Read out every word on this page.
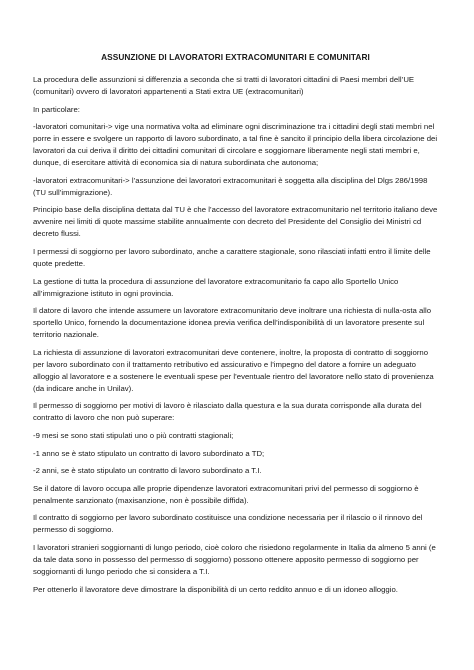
ASSUNZIONE DI LAVORATORI EXTRACOMUNITARI E COMUNITARI

La procedura delle assunzioni si differenzia a seconda che si tratti di lavoratori cittadini di Paesi membri dell’UE (comunitari) ovvero di lavoratori appartenenti a Stati extra UE (extracomunitari)

In particolare:

-lavoratori comunitari-> vige una normativa volta ad eliminare ogni discriminazione tra i cittadini degli stati membri nel porre in essere e svolgere un rapporto di lavoro subordinato, a tal fine è sancito il principio della libera circolazione dei lavoratori da cui deriva il diritto dei cittadini comunitari di circolare e soggiornare liberamente negli stati membri e, dunque, di esercitare attività di economica sia di natura subordinata che autonoma;

-lavoratori extracomunitari-> l’assunzione dei lavoratori extracomunitari è soggetta alla disciplina del Dlgs 286/1998 (TU sull’immigrazione).

Principio base della disciplina dettata dal TU è che l’accesso del lavoratore extracomunitario nel territorio italiano deve avvenire nei limiti di quote massime stabilite annualmente con decreto del Presidente del Consiglio dei Ministri cd decreto flussi.

I permessi di soggiorno per lavoro subordinato, anche a carattere stagionale, sono rilasciati infatti entro il limite delle quote predette.

La gestione di tutta la procedura di assunzione del lavoratore extracomunitario fa capo allo Sportello Unico all’immigrazione istituto in ogni provincia.

Il datore di lavoro che intende assumere un lavoratore extracomunitario deve inoltrare una richiesta di nulla-osta allo sportello Unico, fornendo la documentazione idonea previa verifica dell’indisponibilità di un lavoratore presente sul territorio nazionale.

La richiesta di assunzione di lavoratori extracomunitari deve contenere, inoltre, la proposta di contratto di soggiorno per lavoro subordinato con il trattamento retributivo ed assicurativo e l’impegno del datore a fornire un adeguato alloggio al lavoratore e a sostenere le eventuali spese per l’eventuale rientro del lavoratore nello stato di provenienza (da indicare anche in Unilav).

Il permesso di soggiorno per motivi di lavoro è rilasciato dalla questura e la sua durata corrisponde alla durata del contratto di lavoro che non può superare:

-9 mesi se sono stati stipulati uno o più contratti stagionali;

-1 anno se è stato stipulato un contratto di lavoro subordinato a TD;

-2 anni, se è stato stipulato un contratto di lavoro subordinato a T.I.

Se il datore di lavoro occupa alle proprie dipendenze lavoratori extracomunitari privi del permesso di soggiorno è penalmente sanzionato (maxisanzione, non è possibile diffida).

Il contratto di soggiorno per lavoro subordinato costituisce una condizione necessaria per il rilascio o il rinnovo del permesso di soggiorno.

I lavoratori stranieri soggiornanti di lungo periodo, cioè coloro che risiedono regolarmente in Italia da almeno 5 anni (e da tale data sono in possesso del permesso di soggiorno) possono ottenere apposito permesso di soggiorno per soggiornanti di lungo periodo che si considera a T.I.

Per ottenerlo il lavoratore deve dimostrare la disponibilità di un certo reddito annuo e di un idoneo alloggio.
